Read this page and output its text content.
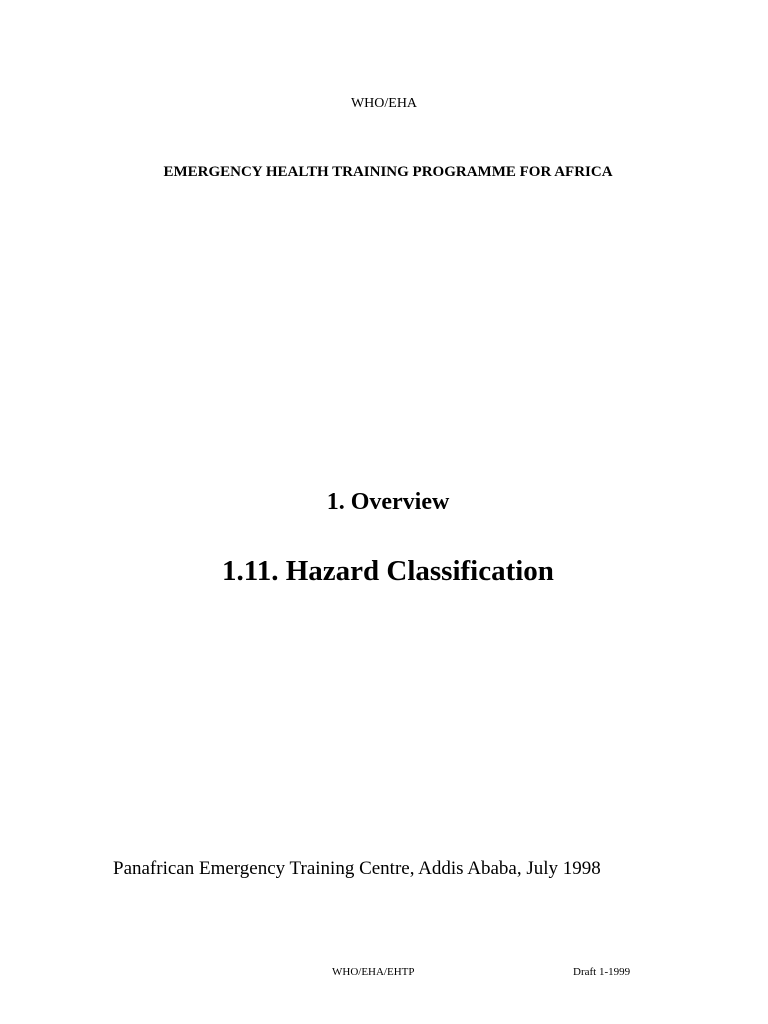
WHO/EHA
EMERGENCY HEALTH TRAINING PROGRAMME FOR AFRICA
1. Overview
1.11. Hazard Classification
Panafrican Emergency Training Centre, Addis Ababa, July 1998
WHO/EHA/EHTP	Draft 1-1999
